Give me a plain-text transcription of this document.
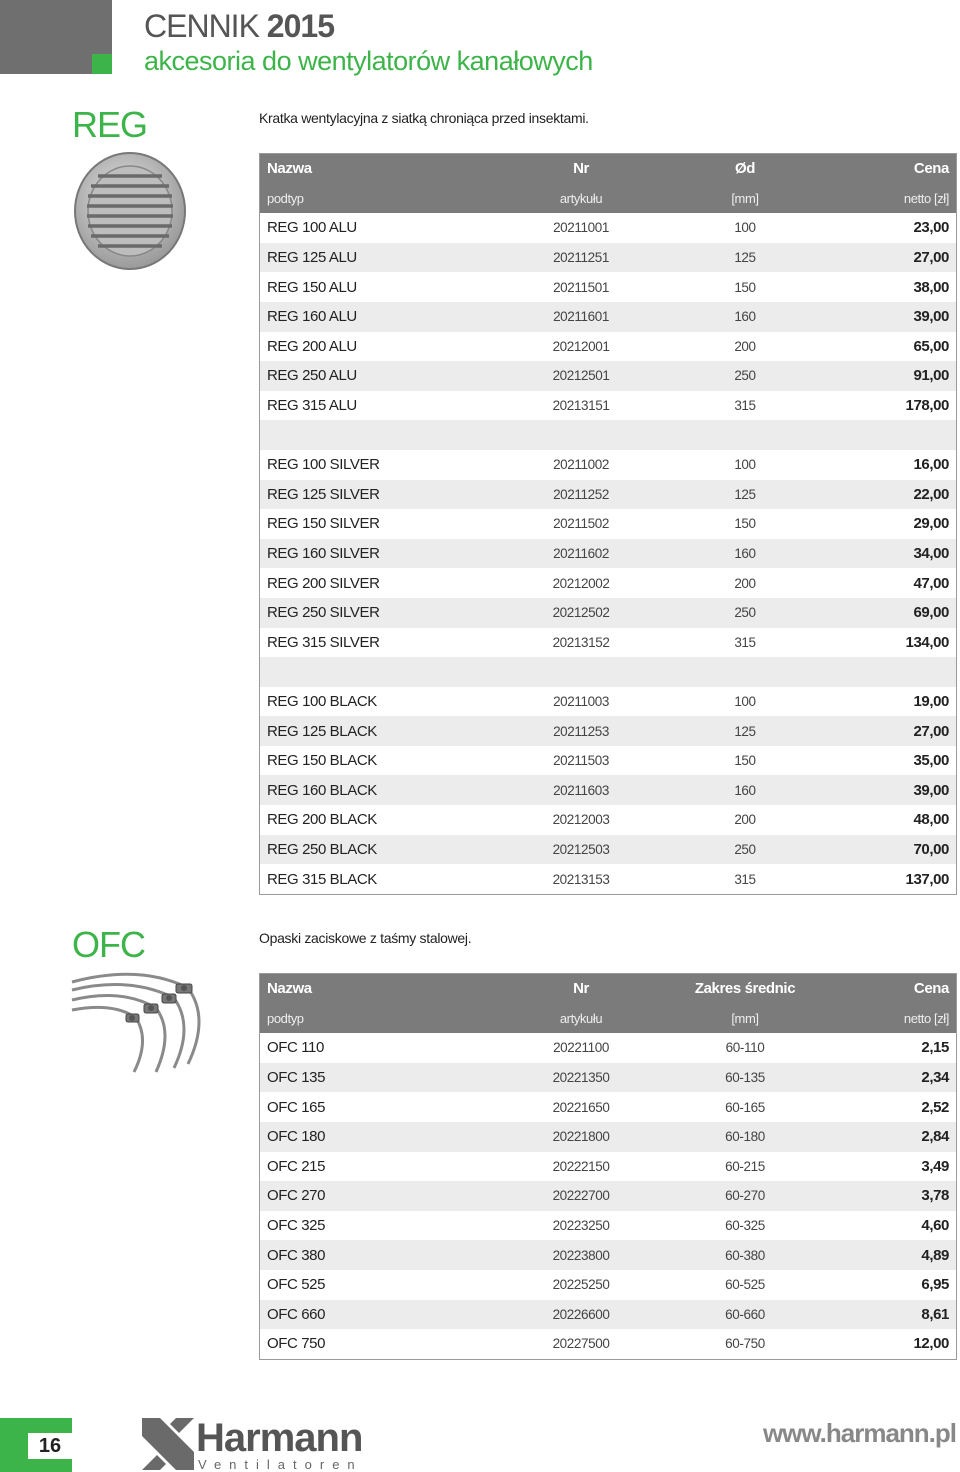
CENNIK 2015
akcesoria do wentylatorów kanałowych
REG	Kratka wentylacyjna z siatką chroniąca przed insektami.
Nazwa	Nr	Ød	Cena
podtyp	artykułu	[mm]	netto [zł]
REG 100 ALU	20211001	100	23,00
REG 125 ALU	20211251	125	27,00
REG 150 ALU	20211501	150	38,00
REG 160 ALU	20211601	160	39,00
REG 200 ALU	20212001	200	65,00
REG 250 ALU	20212501	250	91,00
REG 315 ALU	20213151	315	178,00

REG 100 SILVER	20211002	100	16,00
REG 125 SILVER	20211252	125	22,00
REG 150 SILVER	20211502	150	29,00
REG 160 SILVER	20211602	160	34,00
REG 200 SILVER	20212002	200	47,00
REG 250 SILVER	20212502	250	69,00
REG 315 SILVER	20213152	315	134,00

REG 100 BLACK	20211003	100	19,00
REG 125 BLACK	20211253	125	27,00
REG 150 BLACK	20211503	150	35,00
REG 160 BLACK	20211603	160	39,00
REG 200 BLACK	20212003	200	48,00
REG 250 BLACK	20212503	250	70,00
REG 315 BLACK	20213153	315	137,00
OFC	Opaski zaciskowe z taśmy stalowej.
Nazwa	Nr	Zakres średnic	Cena
podtyp	artykułu	[mm]	netto [zł]
OFC 110	20221100	60-110	2,15
OFC 135	20221350	60-135	2,34
OFC 165	20221650	60-165	2,52
OFC 180	20221800	60-180	2,84
OFC 215	20222150	60-215	3,49
OFC 270	20222700	60-270	3,78
OFC 325	20223250	60-325	4,60
OFC 380	20223800	60-380	4,89
OFC 525	20225250	60-525	6,95
OFC 660	20226600	60-660	8,61
OFC 750	20227500	60-750	12,00
16	Harmann
Ventilatoren
www.harmann.pl
